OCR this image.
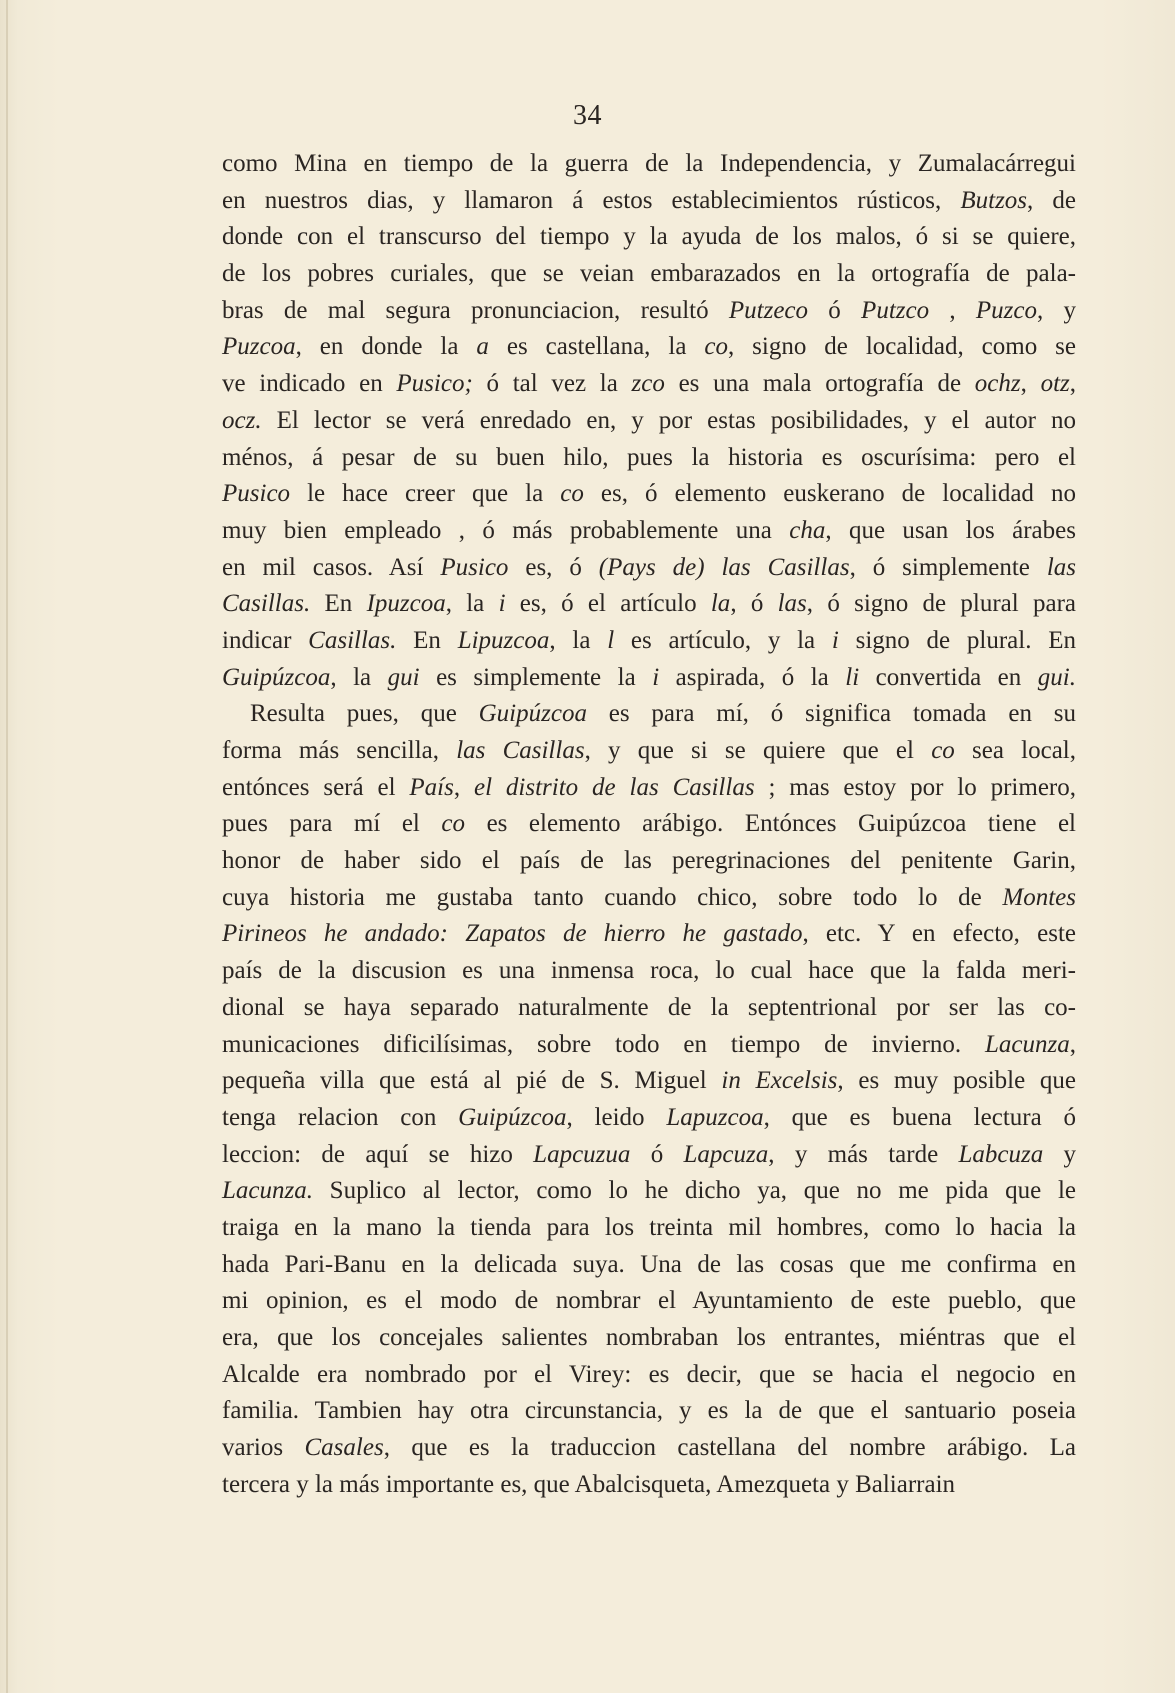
34
como Mina en tiempo de la guerra de la Independencia, y Zumalacárregui
en nuestros dias, y llamaron á estos establecimientos rústicos, Butzos, de
donde con el transcurso del tiempo y la ayuda de los malos, ó si se quiere,
de los pobres curiales, que se veian embarazados en la ortografía de pala-
bras de mal segura pronunciacion, resultó Putzeco ó Putzco , Puzco, y
Puzcoa, en donde la a es castellana, la co, signo de localidad, como se
ve indicado en Pusico; ó tal vez la zco es una mala ortografía de ochz, otz,
ocz. El lector se verá enredado en, y por estas posibilidades, y el autor no
ménos, á pesar de su buen hilo, pues la historia es oscurísima: pero el
Pusico le hace creer que la co es, ó elemento euskerano de localidad no
muy bien empleado , ó más probablemente una cha, que usan los árabes
en mil casos. Así Pusico es, ó (Pays de) las Casillas, ó simplemente las
Casillas. En Ipuzcoa, la i es, ó el artículo la, ó las, ó signo de plural para
indicar Casillas. En Lipuzcoa, la l es artículo, y la i signo de plural. En
Guipúzcoa, la gui es simplemente la i aspirada, ó la li convertida en gui.
Resulta pues, que Guipúzcoa es para mí, ó significa tomada en su
forma más sencilla, las Casillas, y que si se quiere que el co sea local,
entónces será el País, el distrito de las Casillas ; mas estoy por lo primero,
pues para mí el co es elemento arábigo. Entónces Guipúzcoa tiene el
honor de haber sido el país de las peregrinaciones del penitente Garin,
cuya historia me gustaba tanto cuando chico, sobre todo lo de Montes
Pirineos he andado: Zapatos de hierro he gastado, etc. Y en efecto, este
país de la discusion es una inmensa roca, lo cual hace que la falda meri-
dional se haya separado naturalmente de la septentrional por ser las co-
municaciones dificilísimas, sobre todo en tiempo de invierno. Lacunza,
pequeña villa que está al pié de S. Miguel in Excelsis, es muy posible que
tenga relacion con Guipúzcoa, leido Lapuzcoa, que es buena lectura ó
leccion: de aquí se hizo Lapcuzua ó Lapcuza, y más tarde Labcuza y
Lacunza. Suplico al lector, como lo he dicho ya, que no me pida que le
traiga en la mano la tienda para los treinta mil hombres, como lo hacia la
hada Pari-Banu en la delicada suya. Una de las cosas que me confirma en
mi opinion, es el modo de nombrar el Ayuntamiento de este pueblo, que
era, que los concejales salientes nombraban los entrantes, miéntras que el
Alcalde era nombrado por el Virey: es decir, que se hacia el negocio en
familia. Tambien hay otra circunstancia, y es la de que el santuario poseia
varios Casales, que es la traduccion castellana del nombre arábigo. La
tercera y la más importante es, que Abalcisqueta, Amezqueta y Baliarrain
